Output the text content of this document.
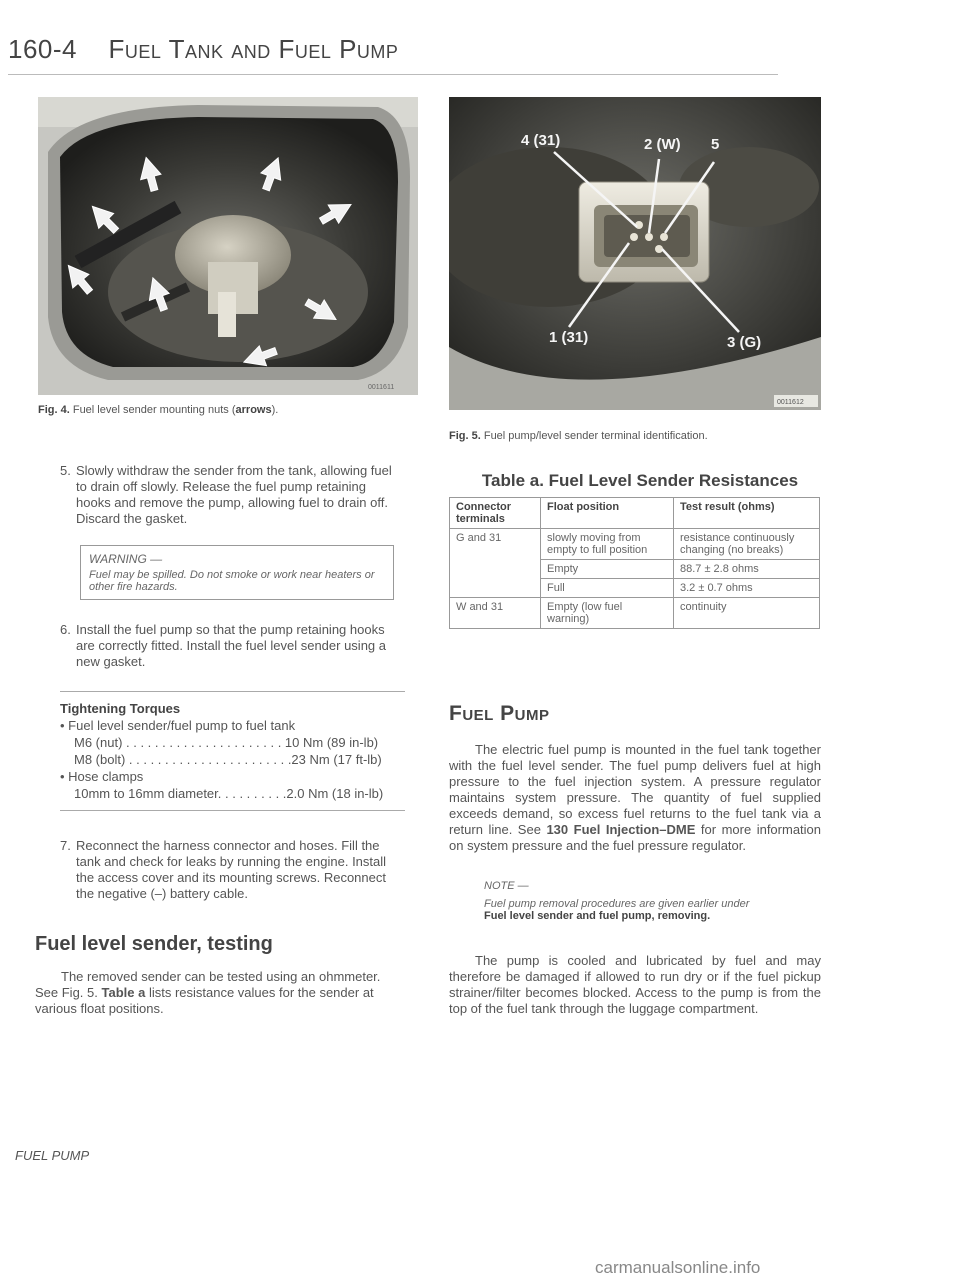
160-4 Fuel Tank and Fuel Pump
0011611
Fig. 4. Fuel level sender mounting nuts (arrows).
4 (31)	2 (W) 5
1 (31)	3 (G)
0011612
Fig. 5. Fuel pump/level sender terminal identification.
5. Slowly withdraw the sender from the tank, allowing fuel to drain off slowly. Release the fuel pump retaining hooks and remove the pump, allowing fuel to drain off. Discard the gasket.
WARNING —
Fuel may be spilled. Do not smoke or work near heaters or other fire hazards.
6. Install the fuel pump so that the pump retaining hooks are correctly fitted. Install the fuel level sender using a new gasket.
Tightening Torques
• Fuel level sender/fuel pump to fuel tank
M6 (nut) . . . . . . . . . . . . . . . . . . . . . . 10 Nm (89 in-lb)
M8 (bolt) . . . . . . . . . . . . . . . . . . . . . . .23 Nm (17 ft-lb)
• Hose clamps
10mm to 16mm diameter. . . . . . . . . .2.0 Nm (18 in-lb)
7. Reconnect the harness connector and hoses. Fill the tank and check for leaks by running the engine. Install the access cover and its mounting screws. Reconnect the negative (–) battery cable.
Fuel level sender, testing
The removed sender can be tested using an ohmmeter. See Fig. 5. Table a lists resistance values for the sender at various float positions.
Table a. Fuel Level Sender Resistances
Connector terminals	Float position	Test result (ohms)
G and 31	slowly moving from empty to full position	resistance continuously changing (no breaks)
	Empty	88.7 ± 2.8 ohms
	Full	3.2 ± 0.7 ohms
W and 31	Empty (low fuel warning)	continuity
Fuel Pump
The electric fuel pump is mounted in the fuel tank together with the fuel level sender. The fuel pump delivers fuel at high pressure to the fuel injection system. A pressure regulator maintains system pressure. The quantity of fuel supplied exceeds demand, so excess fuel returns to the fuel tank via a return line. See 130 Fuel Injection–DME for more information on system pressure and the fuel pressure regulator.
NOTE —
Fuel pump removal procedures are given earlier under
Fuel level sender and fuel pump, removing.
The pump is cooled and lubricated by fuel and may therefore be damaged if allowed to run dry or if the fuel pickup strainer/filter becomes blocked. Access to the pump is from the top of the fuel tank through the luggage compartment.
FUEL PUMP
carmanualsonline.info
